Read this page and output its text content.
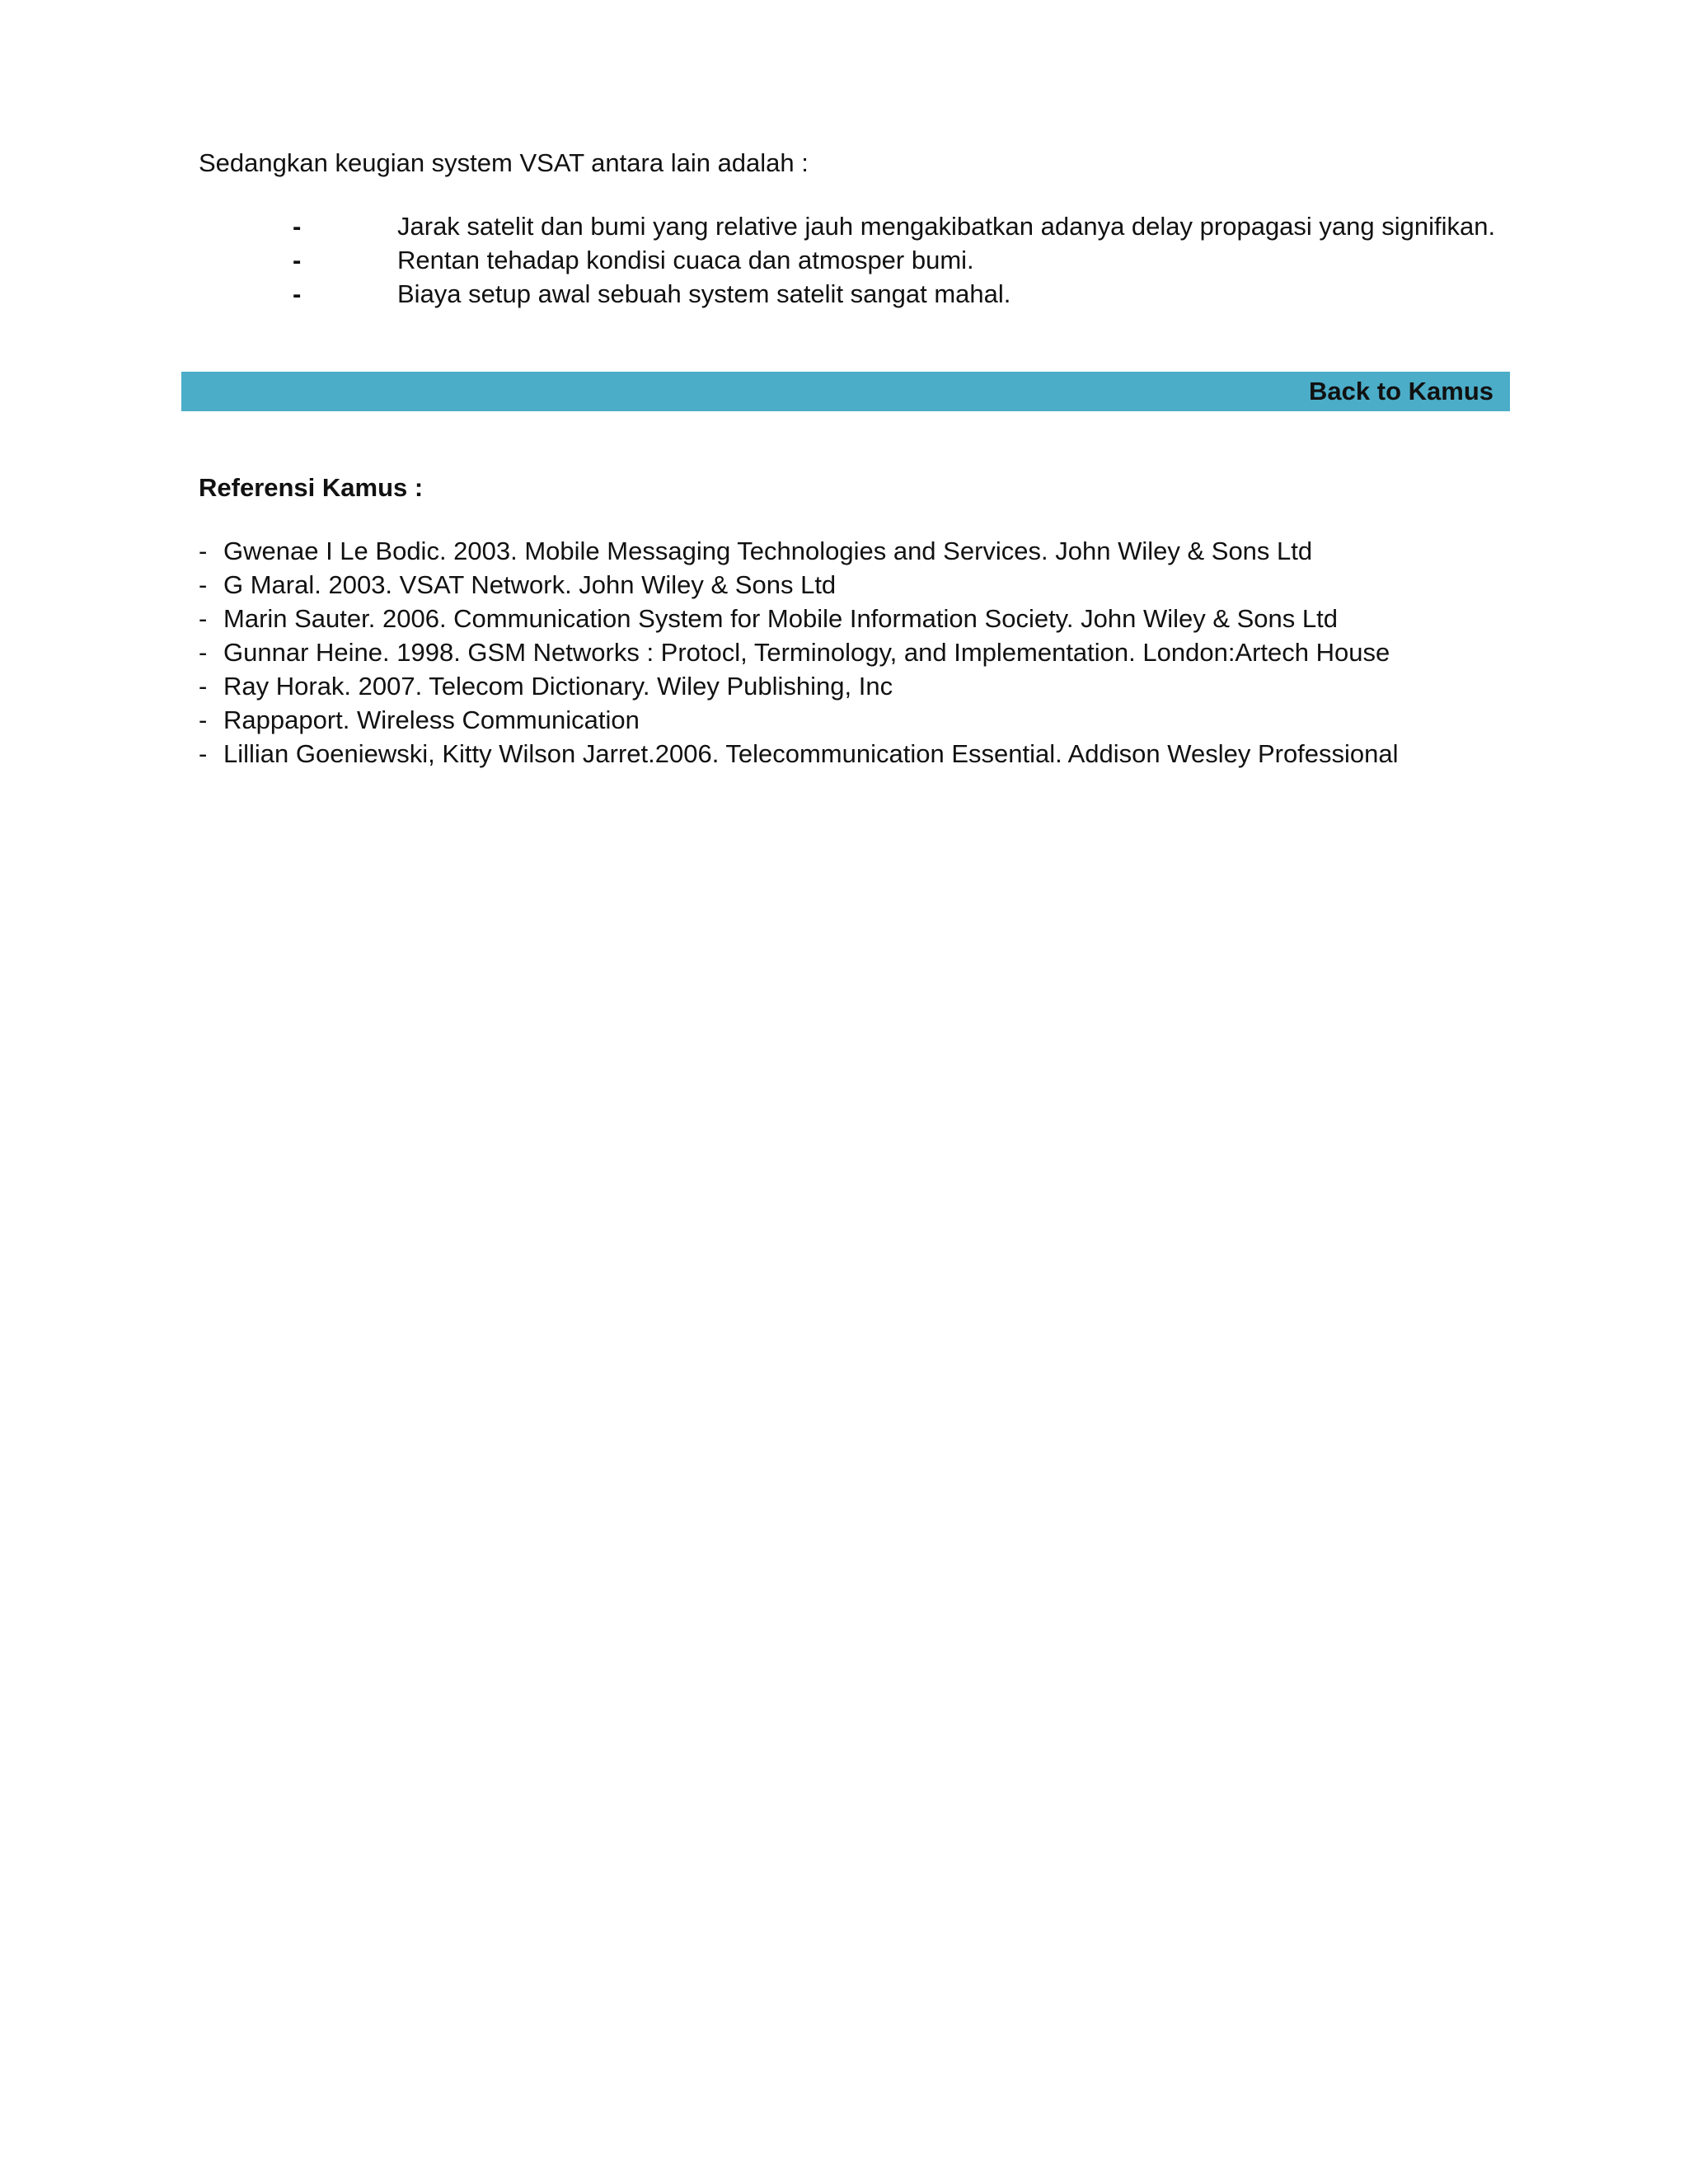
Sedangkan keugian system VSAT antara lain adalah :
-	Jarak satelit dan bumi yang relative jauh mengakibatkan adanya delay propagasi yang signifikan.
-	Rentan tehadap kondisi cuaca dan atmosper bumi.
-	Biaya setup awal sebuah system satelit sangat mahal.
Back to Kamus
Referensi Kamus :
- Gwenae I Le Bodic. 2003. Mobile Messaging Technologies and Services. John Wiley & Sons Ltd
- G Maral. 2003. VSAT Network. John Wiley & Sons Ltd
- Marin Sauter. 2006. Communication System for Mobile Information Society. John Wiley & Sons Ltd
- Gunnar Heine. 1998. GSM Networks : Protocl, Terminology, and Implementation. London:Artech House
- Ray Horak. 2007. Telecom Dictionary. Wiley Publishing, Inc
- Rappaport. Wireless Communication
- Lillian Goeniewski, Kitty Wilson Jarret.2006. Telecommunication Essential. Addison Wesley Professional
